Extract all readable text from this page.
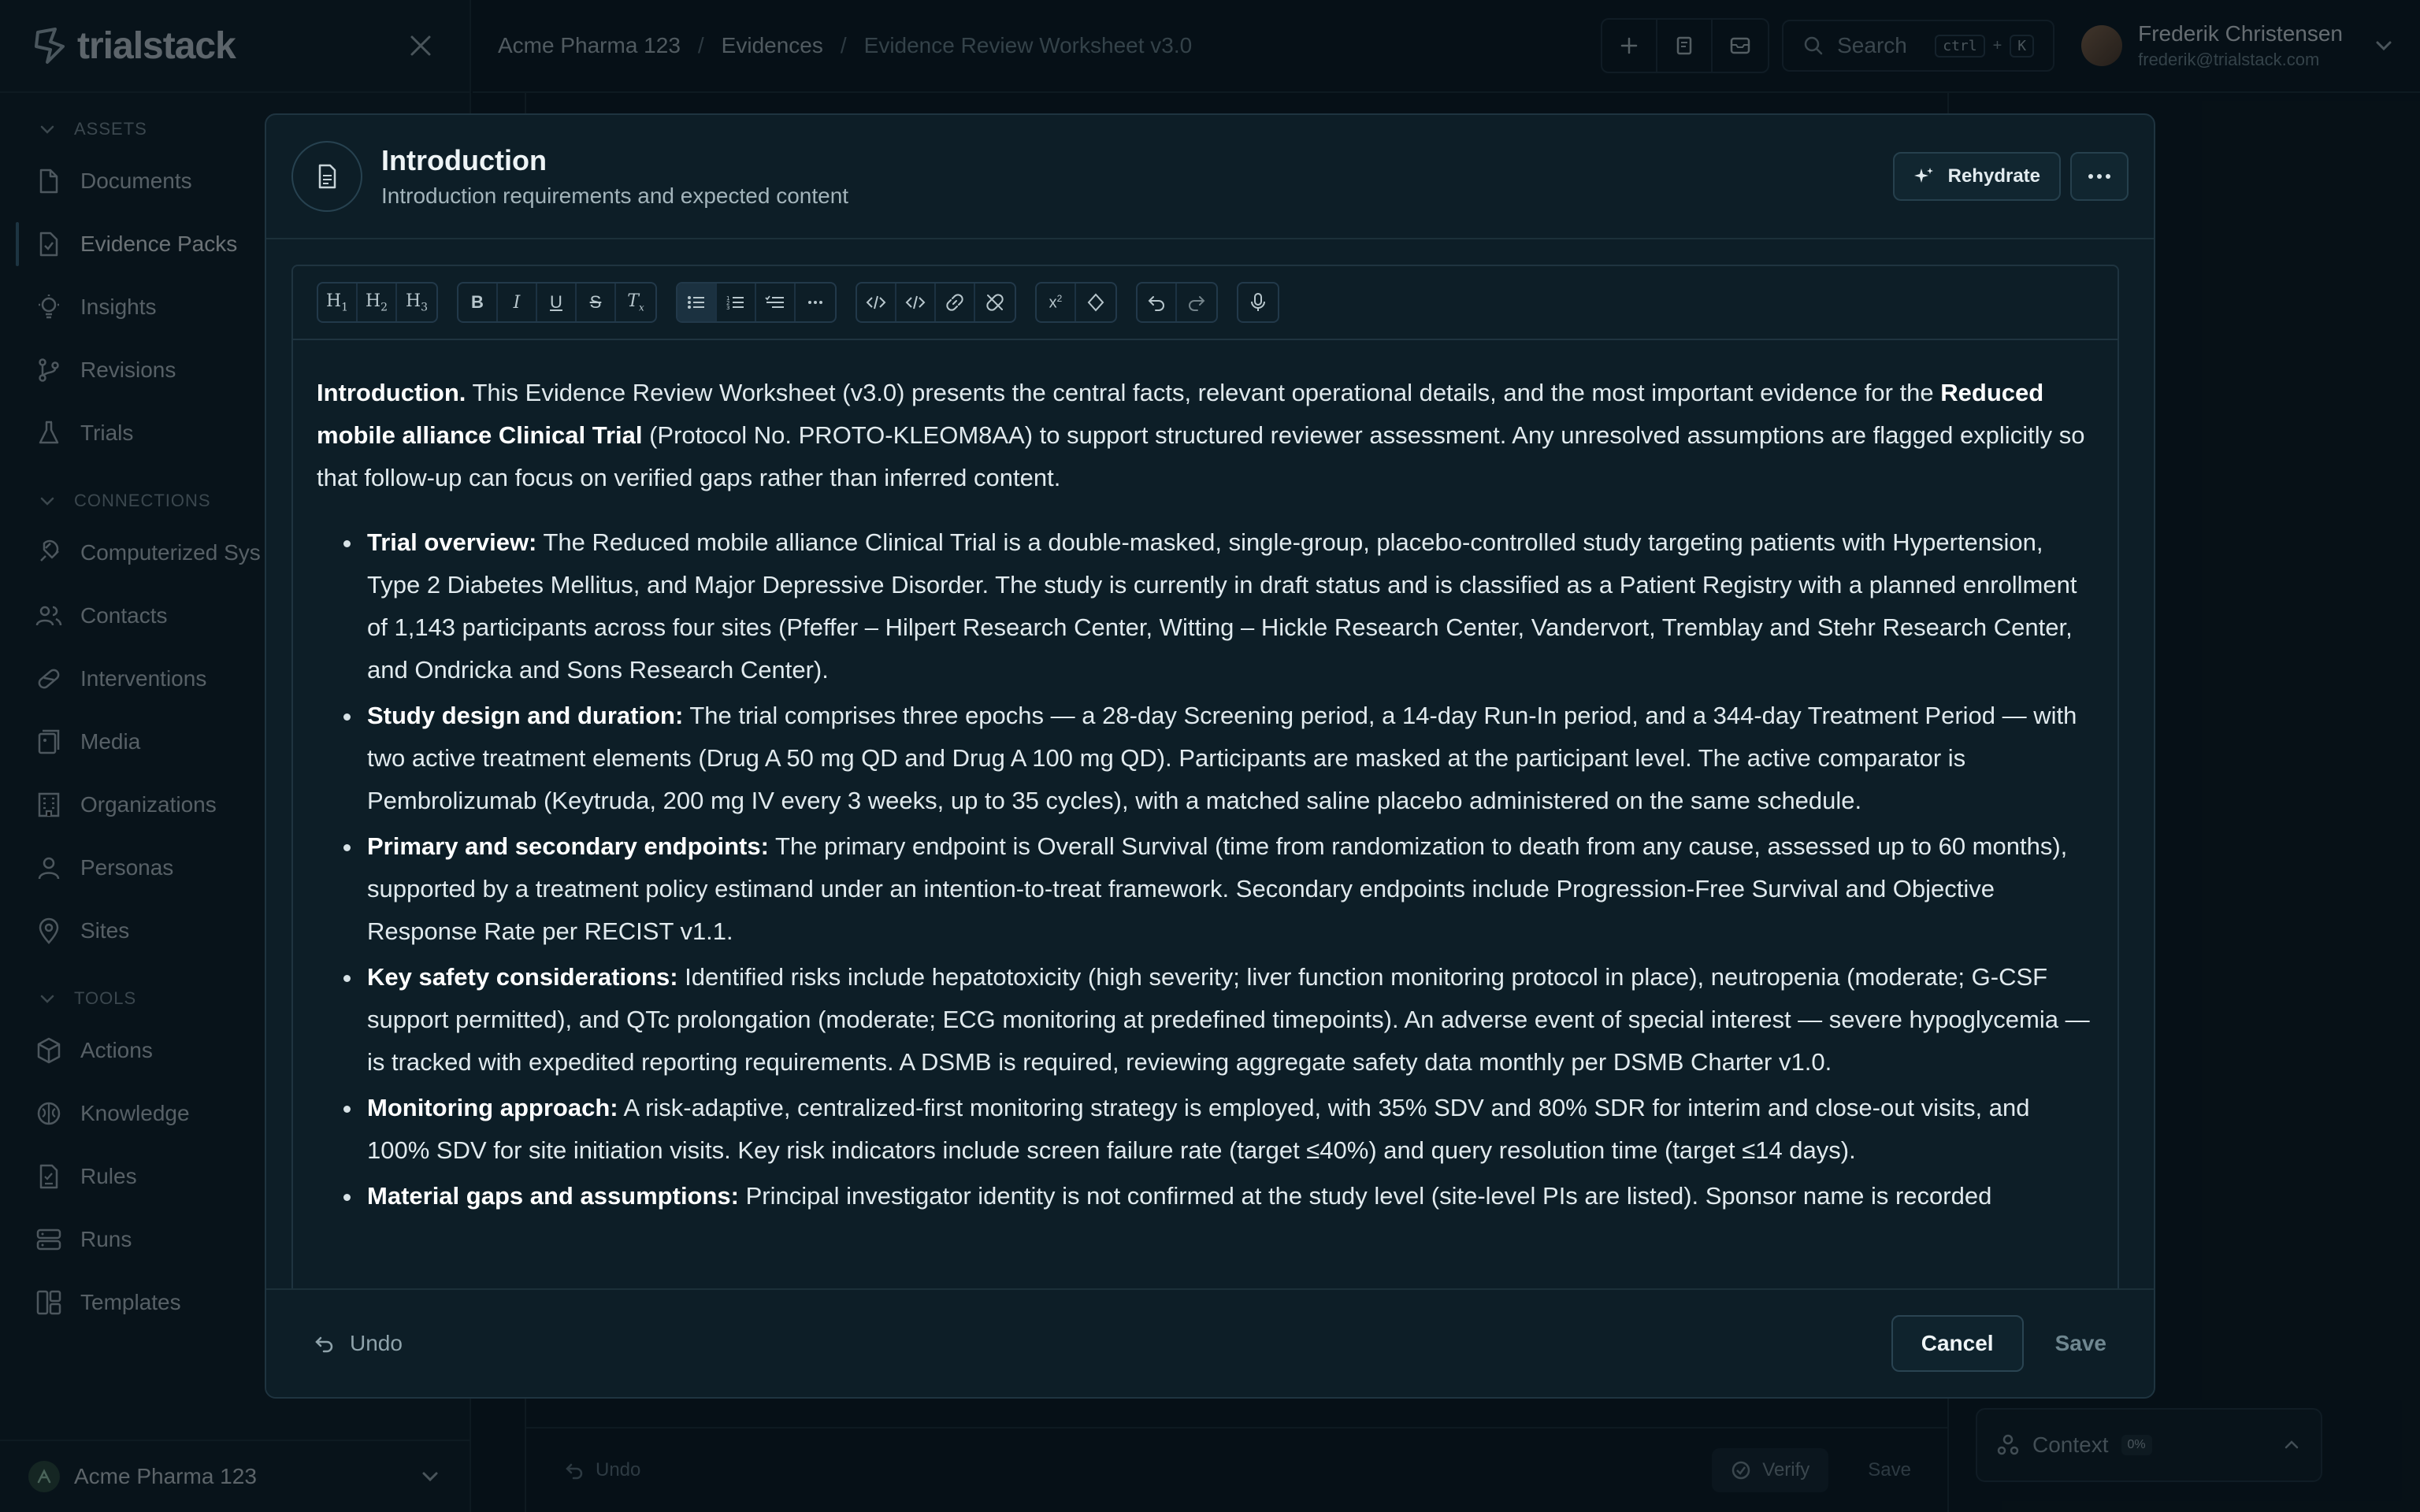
Introduction
Introduction requirements and expected content
Rehydrate
$H_1$ $H_2$ $H_3$	B I U S $T_x$
1
2
3	$x^2$

Introduction. This Evidence Review Worksheet (v3.0) presents the central facts, relevant operational details, and the most important evidence for the Reduced mobile alliance Clinical Trial (Protocol No. PROTO-KLEOM8AA) to support structured reviewer assessment. Any unresolved assumptions are flagged explicitly so that follow-up can focus on verified gaps rather than inferred content.

Trial overview: The Reduced mobile alliance Clinical Trial is a double-masked, single-group, placebo-controlled study targeting patients with Hypertension, Type 2 Diabetes Mellitus, and Major Depressive Disorder. The study is currently in draft status and is classified as a Patient Registry with a planned enrollment of 1,143 participants across four sites (Pfeffer – Hilpert Research Center, Witting – Hickle Research Center, Vandervort, Tremblay and Stehr Research Center, and Ondricka and Sons Research Center).
Study design and duration: The trial comprises three epochs — a 28-day Screening period, a 14-day Run-In period, and a 344-day Treatment Period — with two active treatment elements (Drug A 50 mg QD and Drug A 100 mg QD). Participants are masked at the participant level. The active comparator is Pembrolizumab (Keytruda, 200 mg IV every 3 weeks, up to 35 cycles), with a matched saline placebo administered on the same schedule.
Primary and secondary endpoints: The primary endpoint is Overall Survival (time from randomization to death from any cause, assessed up to 60 months), supported by a treatment policy estimand under an intention-to-treat framework. Secondary endpoints include Progression-Free Survival and Objective Response Rate per RECIST v1.1.
Key safety considerations: Identified risks include hepatotoxicity (high severity; liver function monitoring protocol in place), neutropenia (moderate; G-CSF support permitted), and QTc prolongation (moderate; ECG monitoring at predefined timepoints). An adverse event of special interest — severe hypoglycemia — is tracked with expedited reporting requirements. A DSMB is required, reviewing aggregate safety data monthly per DSMB Charter v1.0.
Monitoring approach: A risk-adaptive, centralized-first monitoring strategy is employed, with 35% SDV and 80% SDR for interim and close-out visits, and 100% SDV for site initiation visits. Key risk indicators include screen failure rate (target ≤40%) and query resolution time (target ≤14 days).
Material gaps and assumptions: Principal investigator identity is not confirmed at the study level (site-level PIs are listed). Sponsor name is recorded
Undo	Cancel	Save
